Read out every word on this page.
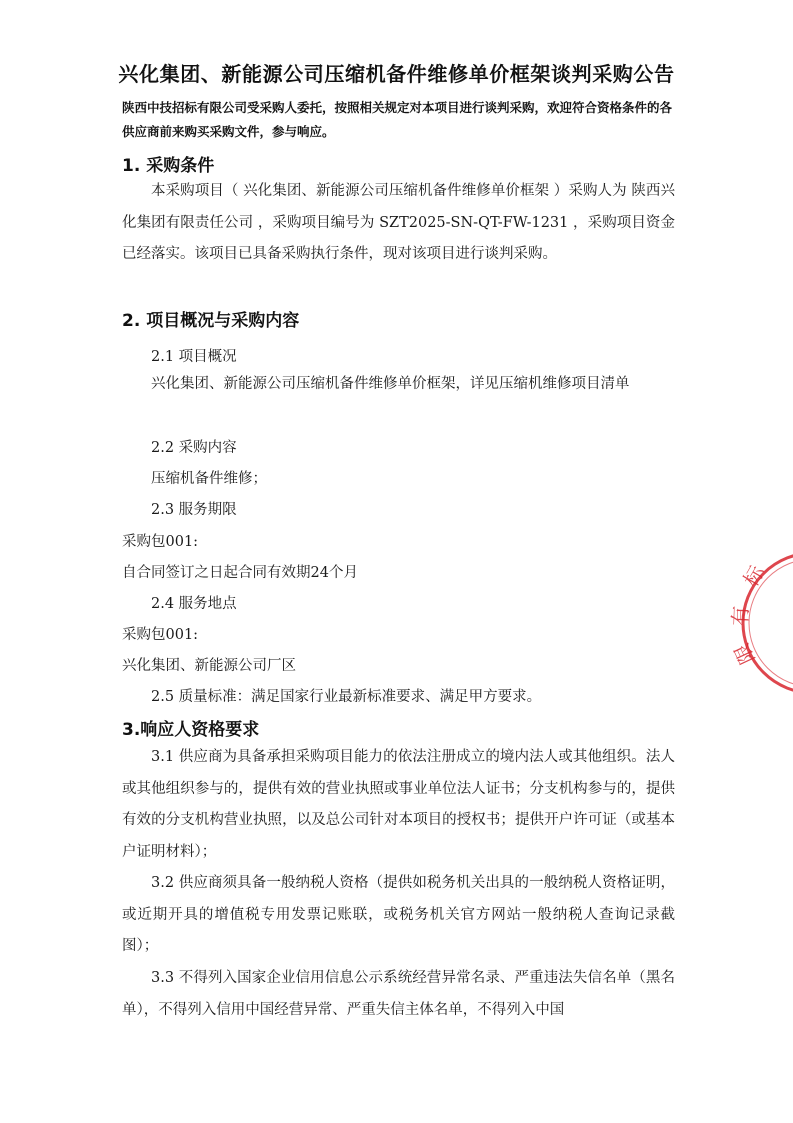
兴化集团、新能源公司压缩机备件维修单价框架谈判采购公告
陕西中技招标有限公司受采购人委托，按照相关规定对本项目进行谈判采购，欢迎符合资格条件的各供应商前来购买采购文件，参与响应。
1. 采购条件
本采购项目（ 兴化集团、新能源公司压缩机备件维修单价框架 ）采购人为 陕西兴化集团有限责任公司 ，采购项目编号为 SZT2025-SN-QT-FW-1231 ，采购项目资金已经落实。该项目已具备采购执行条件，现对该项目进行谈判采购。
2. 项目概况与采购内容
2.1 项目概况
兴化集团、新能源公司压缩机备件维修单价框架，详见压缩机维修项目清单
2.2 采购内容
压缩机备件维修；
2.3 服务期限
采购包001:
自合同签订之日起合同有效期24个月
2.4 服务地点
采购包001:
兴化集团、新能源公司厂区
2.5 质量标准：满足国家行业最新标准要求、满足甲方要求。
3.响应人资格要求
3.1 供应商为具备承担采购项目能力的依法注册成立的境内法人或其他组织。法人或其他组织参与的，提供有效的营业执照或事业单位法人证书；分支机构参与的，提供有效的分支机构营业执照，以及总公司针对本项目的授权书；提供开户许可证（或基本户证明材料）；
3.2 供应商须具备一般纳税人资格（提供如税务机关出具的一般纳税人资格证明，或近期开具的增值税专用发票记账联，或税务机关官方网站一般纳税人查询记录截图）；
3.3 不得列入国家企业信用信息公示系统经营异常名录、严重违法失信名单（黑名单），不得列入信用中国经营异常、严重失信主体名单，不得列入中国
标
有
限
